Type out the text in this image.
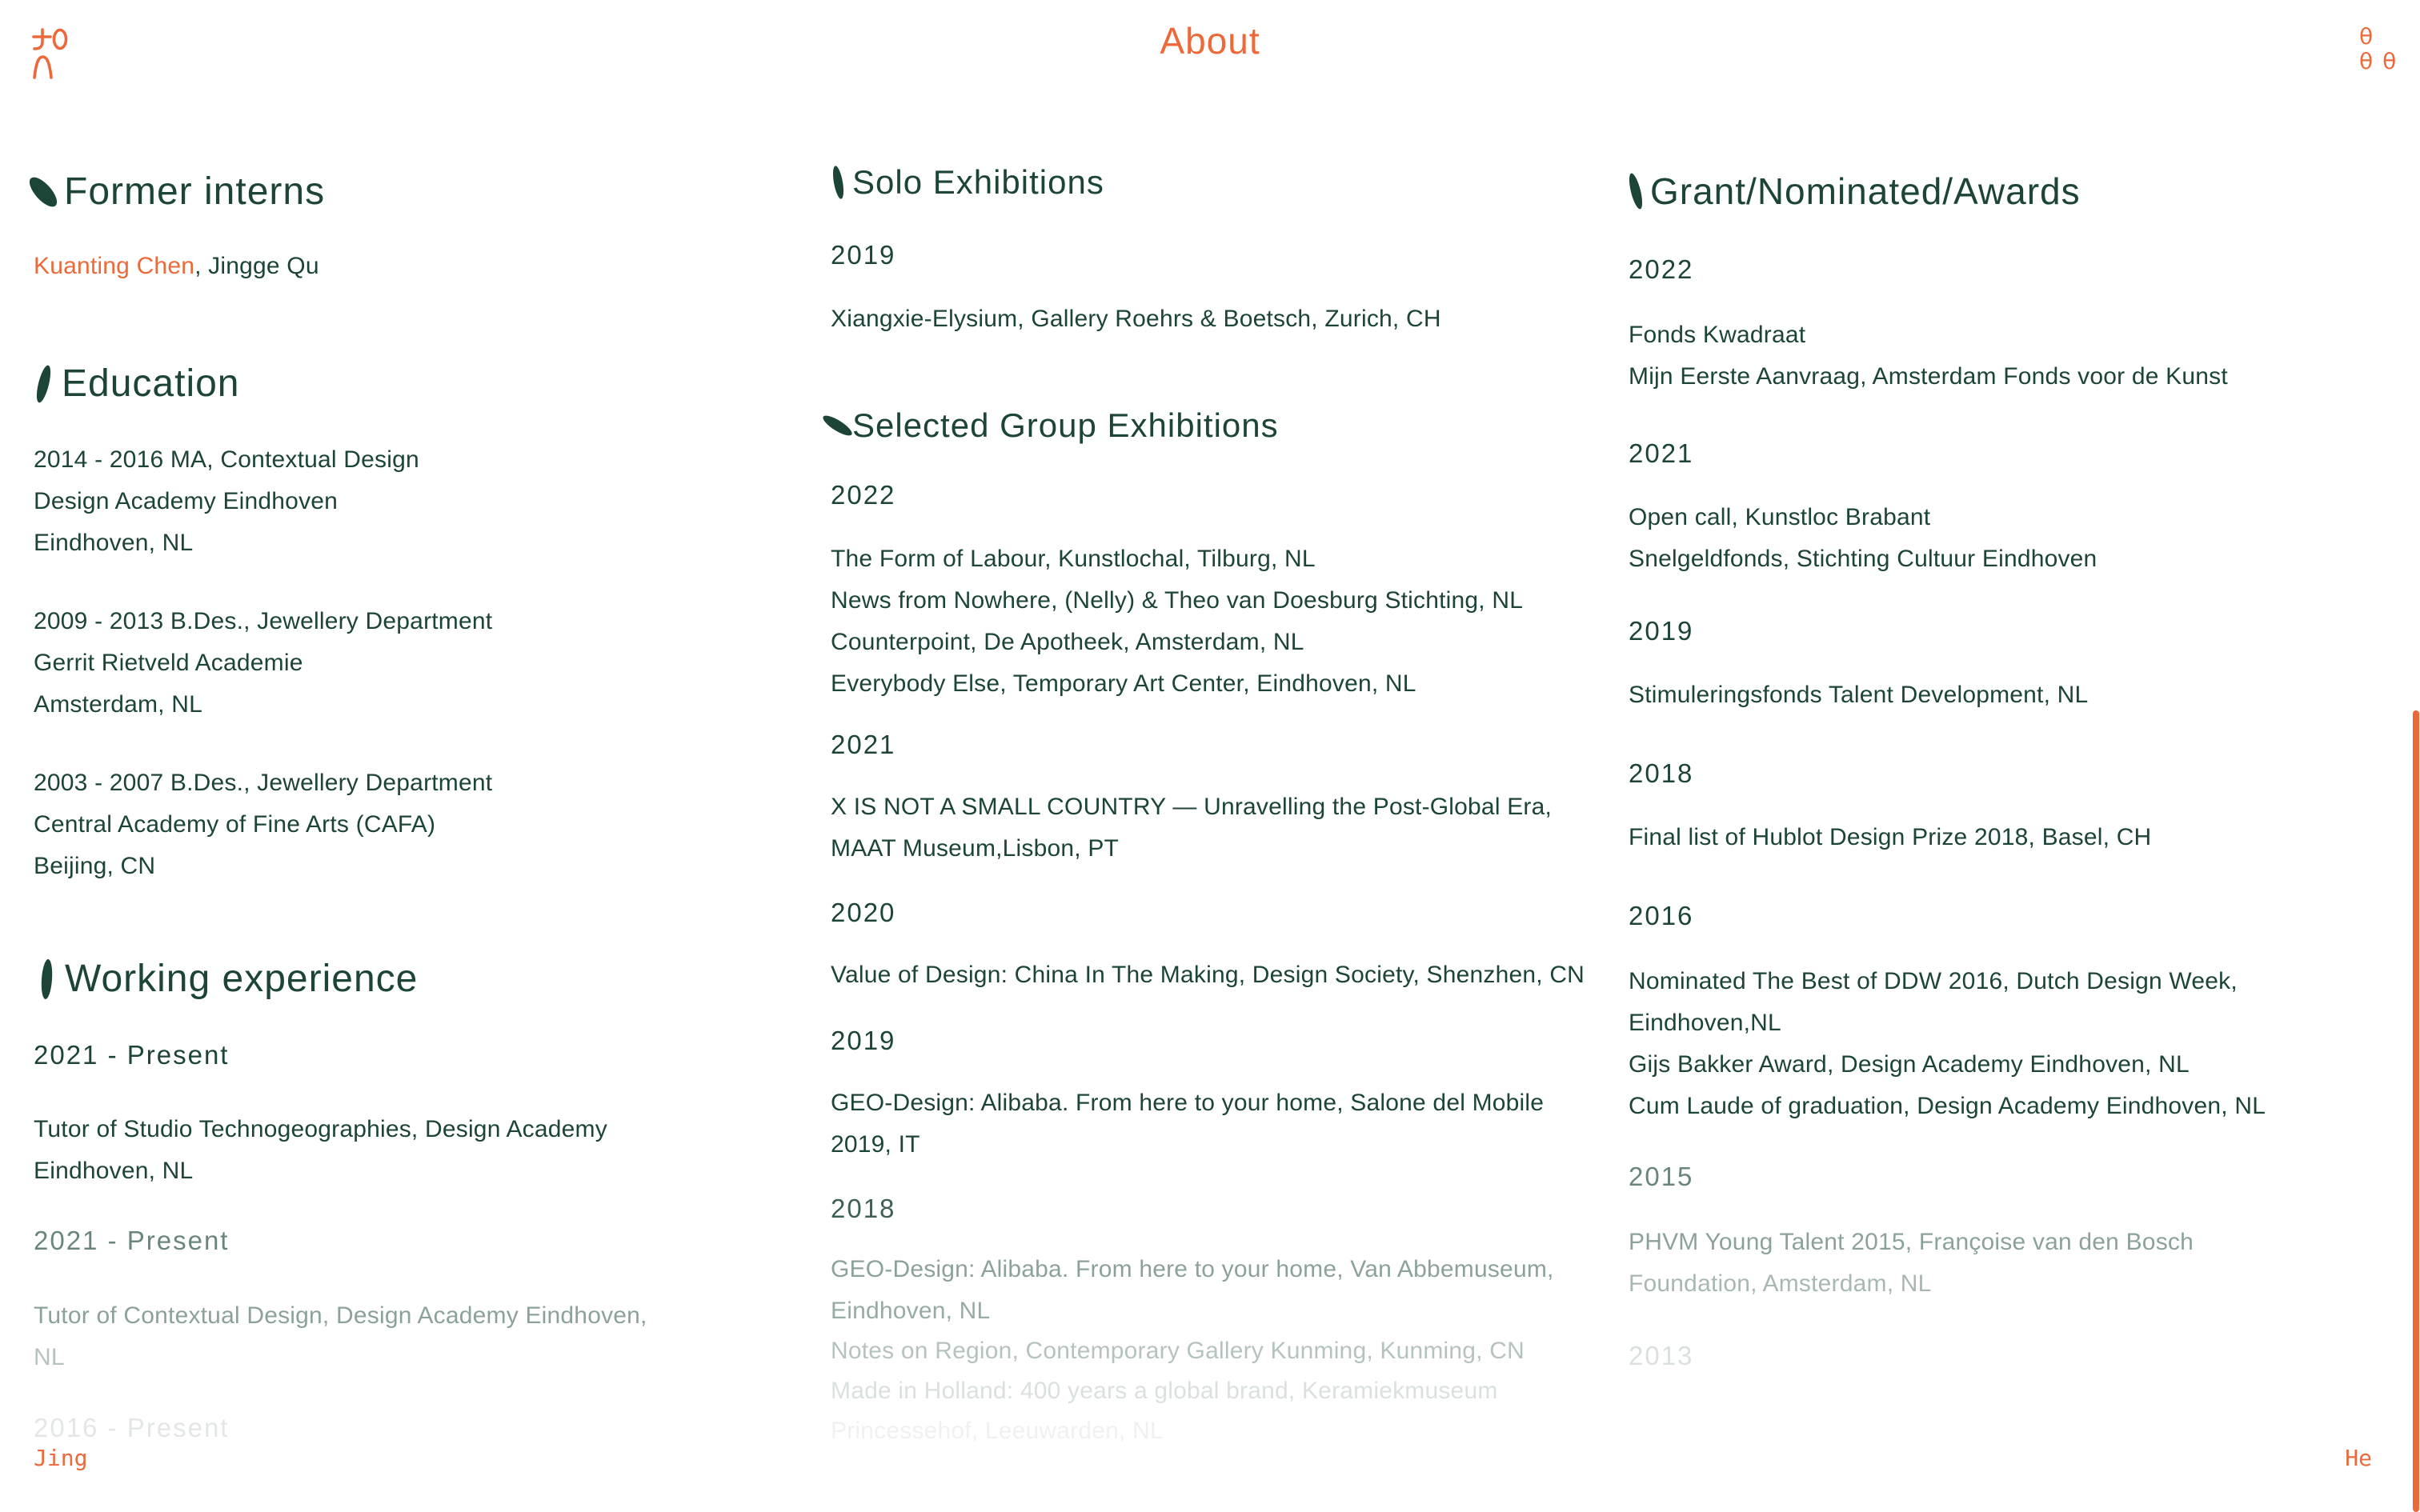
About	θ
θθ
Former interns
Kuanting Chen, Jingge Qu
Education
2014 - 2016 MA, Contextual Design
Design Academy Eindhoven
Eindhoven, NL
2009 - 2013 B.Des., Jewellery Department
Gerrit Rietveld Academie
Amsterdam, NL
2003 - 2007 B.Des., Jewellery Department
Central Academy of Fine Arts (CAFA)
Beijing, CN
Working experience
2021 - Present
Tutor of Studio Technogeographies, Design Academy
Eindhoven, NL
2021 - Present
Tutor of Contextual Design, Design Academy Eindhoven,
NL
2016 - Present
Solo Exhibitions
2019
Xiangxie-Elysium, Gallery Roehrs & Boetsch, Zurich, CH
Selected Group Exhibitions
2022
The Form of Labour, Kunstlochal, Tilburg, NL
News from Nowhere, (Nelly) & Theo van Doesburg Stichting, NL
Counterpoint, De Apotheek, Amsterdam, NL
Everybody Else, Temporary Art Center, Eindhoven, NL
2021
X IS NOT A SMALL COUNTRY — Unravelling the Post-Global Era,
MAAT Museum,Lisbon, PT
2020
Value of Design: China In The Making, Design Society, Shenzhen, CN
2019
GEO-Design: Alibaba. From here to your home, Salone del Mobile
2019, IT
2018
GEO-Design: Alibaba. From here to your home, Van Abbemuseum,
Eindhoven, NL
Notes on Region, Contemporary Gallery Kunming, Kunming, CN
Made in Holland: 400 years a global brand, Keramiekmuseum
Princessehof, Leeuwarden, NL
Grant/Nominated/Awards
2022
Fonds Kwadraat
Mijn Eerste Aanvraag, Amsterdam Fonds voor de Kunst
2021
Open call, Kunstloc Brabant
Snelgeldfonds, Stichting Cultuur Eindhoven
2019
Stimuleringsfonds Talent Development, NL
2018
Final list of Hublot Design Prize 2018, Basel, CH
2016
Nominated The Best of DDW 2016, Dutch Design Week,
Eindhoven,NL
Gijs Bakker Award, Design Academy Eindhoven, NL
Cum Laude of graduation, Design Academy Eindhoven, NL
2015
PHVM Young Talent 2015, Françoise van den Bosch
Foundation, Amsterdam, NL
2013
Jing	He
